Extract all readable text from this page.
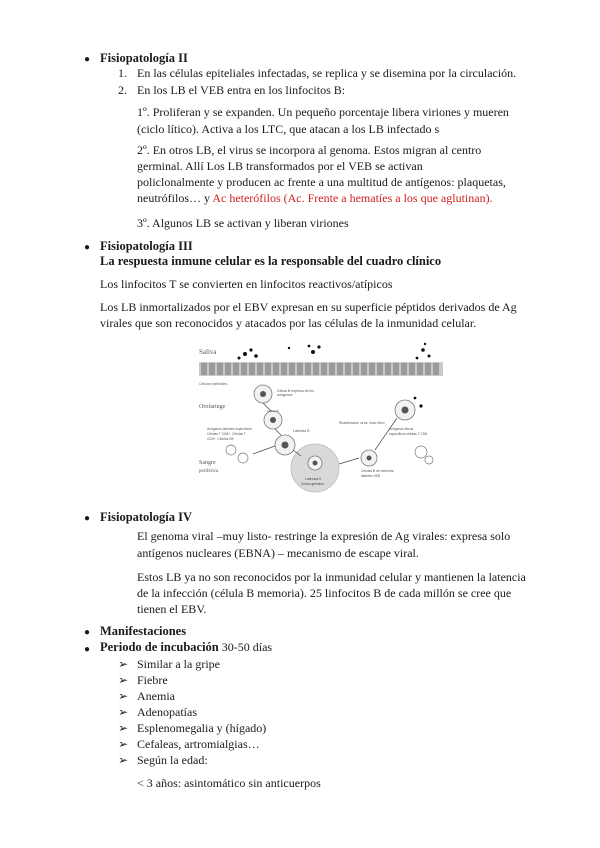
● Fisiopatología II
1. En las células epiteliales infectadas, se replica y se disemina por la circulación.
2. En los LB el VEB entra en los linfocitos B:
1º. Proliferan y se expanden. Un pequeño porcentaje libera viriones y mueren
(ciclo lítico). Activa a los LTC, que atacan a los LB infectado s
2º. En otros LB, el virus se incorpora al genoma. Estos migran al centro
germinal. Allí Los LB transformados por el VEB se activan
policlonalmente y producen ac frente a una multitud de antígenos: plaquetas,
neutrófilos… y Ac heterófilos (Ac. Frente a hematíes a los que aglutinan).
3º. Algunos LB se activan y liberan viriones
● Fisiopatología III
La respuesta inmune celular es la responsable del cuadro clínico
Los linfocitos T se convierten en linfocitos reactivos/atípicos
Los LB inmortalizados por el EBV expresan en su superficie péptidos derivados de Ag
virales que son reconocidos y atacados por las células de la inmunidad celular.
Saliva
Células epiteliales
Orofaringe
Sangre
periférica
Célula B expresa de los
antígenos
Célula B
Latencia B
Latencia II
Centro germinal
Antígenos latentes específicos
Células T CD8+, Células T
CD4+, Células NK
Reactivación virus, ciclo lítico
Antígenos líticos
específicos células T CD8
Células B de memoria
latentes VEB
● Fisiopatología IV
El genoma viral –muy listo- restringe la expresión de Ag virales: expresa solo
antígenos nucleares (EBNA) – mecanismo de escape viral.
Estos LB ya no son reconocidos por la inmunidad celular y mantienen la latencia
de la infección (célula B memoria). 25 linfocitos B de cada millón se cree que
tienen el EBV.
● Manifestaciones
● Periodo de incubación 30-50 días
➢ Similar a la gripe
➢ Fiebre
➢ Anemia
➢ Adenopatías
➢ Esplenomegalia y (hígado)
➢ Cefaleas, artromialgias…
➢ Según la edad:
< 3 años: asintomático sin anticuerpos
